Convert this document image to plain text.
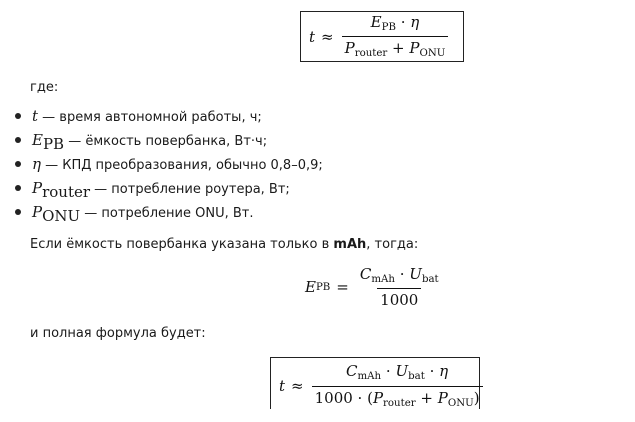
$t \approx \frac{E_{PB} \cdot \eta}{P_{router} + P_{ONU}}$
где:
t — время автономной работы, ч;
EPB — ёмкость повербанка, Вт·ч;
η — КПД преобразования, обычно 0,8–0,9;
Prouter — потребление роутера, Вт;
PONU — потребление ONU, Вт.
Если ёмкость повербанка указана только в mAh, тогда:
E PB = $\frac{C_{mAh} \cdot U_{bat}}{1000}$
и полная формула будет:
$t \approx \frac{C_{mAh} \cdot U_{bat} \cdot \eta}{1000 \cdot (P_{router} + P_{ONU})}$
